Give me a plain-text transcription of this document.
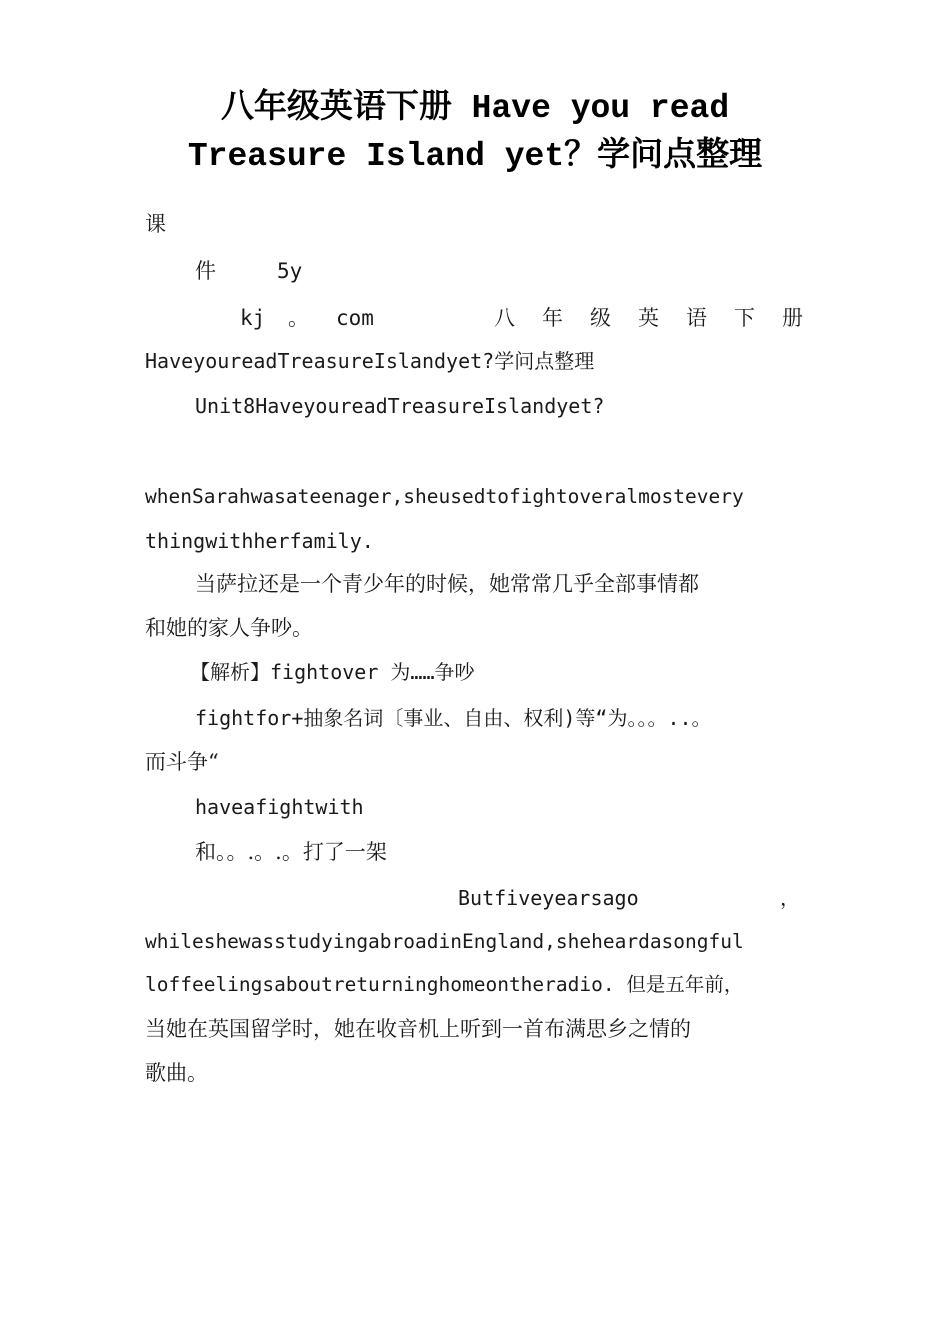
八年级英语下册 Have you read
Treasure Island yet？学问点整理
课
件	5y
kj 。 com	八 年 级 英 语 下 册
HaveyoureadTreasureIslandyet?学问点整理
Unit8HaveyoureadTreasureIslandyet?
whenSarahwasateenager,sheusedtofightoveralmostevery
thingwithherfamily.
当萨拉还是一个青少年的时候，她常常几乎全部事情都
和她的家人争吵。
【解析】fightover 为……争吵
fightfor+抽象名词〔事业、自由、权利)等“为。。。..。
而斗争“
haveafightwith
和。。.。.。打了一架
Butfiveyearsago	，
whileshewasstudyingabroadinEngland,sheheardasongful
loffeelingsaboutreturninghomeontheradio. 但是五年前，
当她在英国留学时，她在收音机上听到一首布满思乡之情的
歌曲。
